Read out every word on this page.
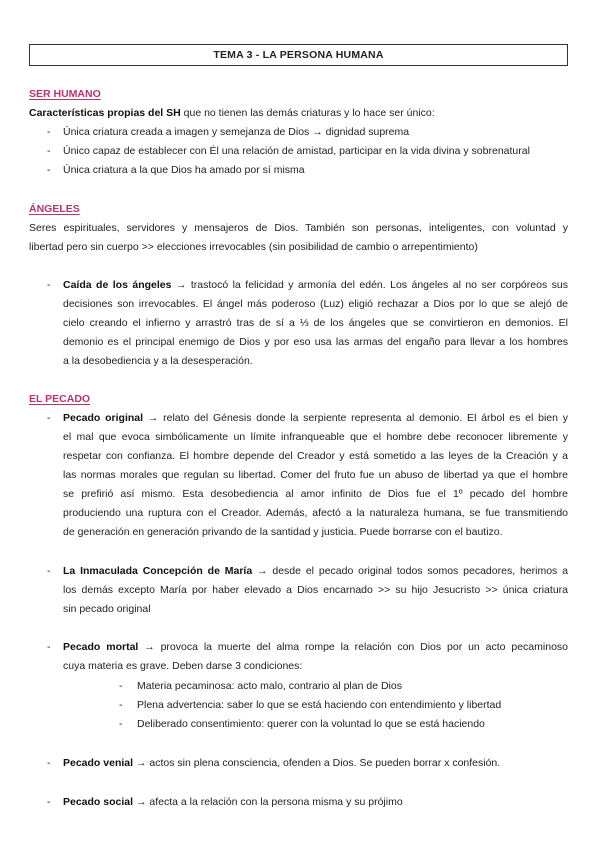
TEMA 3 - LA PERSONA HUMANA
SER HUMANO
Características propias del SH que no tienen las demás criaturas y lo hace ser único:
- Única criatura creada a imagen y semejanza de Dios → dignidad suprema
- Único capaz de establecer con Él una relación de amistad, participar en la vida divina y sobrenatural
- Única criatura a la que Dios ha amado por sí misma
ÁNGELES
Seres espirituales, servidores y mensajeros de Dios. También son personas, inteligentes, con voluntad y
libertad pero sin cuerpo >> elecciones irrevocables (sin posibilidad de cambio o arrepentimiento)
- Caída de los ángeles → trastocó la felicidad y armonía del edén. Los ángeles al no ser corpóreos sus
decisiones son irrevocables. El ángel más poderoso (Luz) eligió rechazar a Dios por lo que se alejó de
cielo creando el infierno y arrastró tras de sí a ⅓ de los ángeles que se convirtieron en demonios. El
demonio es el principal enemigo de Dios y por eso usa las armas del engaño para llevar a los hombres
a la desobediencia y a la desesperación.
EL PECADO
- Pecado original → relato del Génesis donde la serpiente representa al demonio. El árbol es el bien y
el mal que evoca simbólicamente un límite infranqueable que el hombre debe reconocer libremente y
respetar con confianza. El hombre depende del Creador y está sometido a las leyes de la Creación y a
las normas morales que regulan su libertad. Comer del fruto fue un abuso de libertad ya que el hombre
se prefirió así mismo. Esta desobediencia al amor infinito de Dios fue el 1º pecado del hombre
produciendo una ruptura con el Creador. Además, afectó a la naturaleza humana, se fue transmitiendo
de generación en generación privando de la santidad y justicia. Puede borrarse con el bautizo.
- La Inmaculada Concepción de María → desde el pecado original todos somos pecadores, herimos a
los demás excepto María por haber elevado a Dios encarnado >> su hijo Jesucristo >> única criatura
sin pecado original
- Pecado mortal → provoca la muerte del alma rompe la relación con Dios por un acto pecaminoso
cuya materia es grave. Deben darse 3 condiciones:
- Materia pecaminosa: acto malo, contrario al plan de Dios
- Plena advertencia: saber lo que se está haciendo con entendimiento y libertad
- Deliberado consentimiento: querer con la voluntad lo que se está haciendo
- Pecado venial → actos sin plena consciencia, ofenden a Dios. Se pueden borrar x confesión.
- Pecado social → afecta a la relación con la persona misma y su prójimo
